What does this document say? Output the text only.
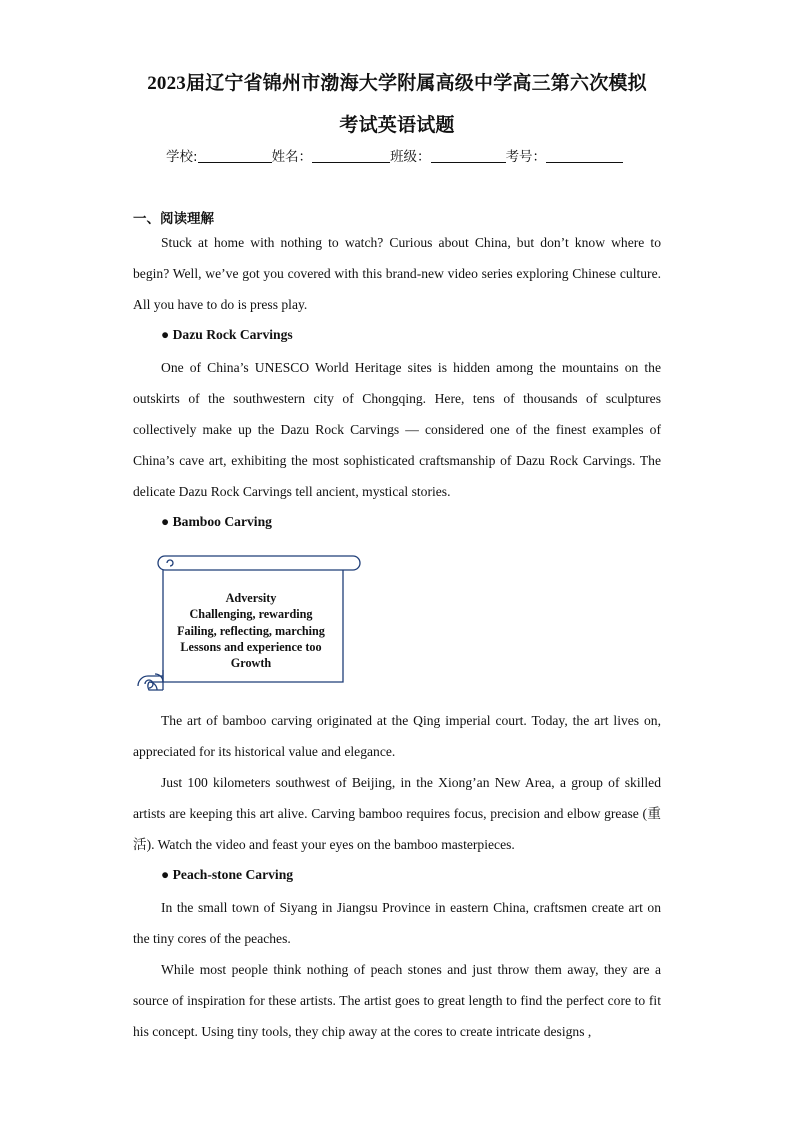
2023届辽宁省锦州市渤海大学附属高级中学高三第六次模拟
考试英语试题
学校:	姓名：	班级：	考号：
一、阅读理解

Stuck at home with nothing to watch? Curious about China, but don’t know where to begin? Well, we’ve got you covered with this brand-new video series exploring Chinese culture. All you have to do is press play.

● Dazu Rock Carvings

One of China’s UNESCO World Heritage sites is hidden among the mountains on the outskirts of the southwestern city of Chongqing. Here, tens of thousands of sculptures collectively make up the Dazu Rock Carvings — considered one of the finest examples of China’s cave art, exhibiting the most sophisticated craftsmanship of Dazu Rock Carvings. The delicate Dazu Rock Carvings tell ancient, mystical stories.

● Bamboo Carving
Adversity
Challenging, rewarding
Failing, reflecting, marching
Lessons and experience too
Growth

The art of bamboo carving originated at the Qing imperial court. Today, the art lives on, appreciated for its historical value and elegance.

Just 100 kilometers southwest of Beijing, in the Xiong’an New Area, a group of skilled artists are keeping this art alive. Carving bamboo requires focus, precision and elbow grease (重活). Watch the video and feast your eyes on the bamboo masterpieces.

● Peach-stone Carving

In the small town of Siyang in Jiangsu Province in eastern China, craftsmen create art on the tiny cores of the peaches.

While most people think nothing of peach stones and just throw them away, they are a source of inspiration for these artists. The artist goes to great length to find the perfect core to fit his concept. Using tiny tools, they chip away at the cores to create intricate designs ,
